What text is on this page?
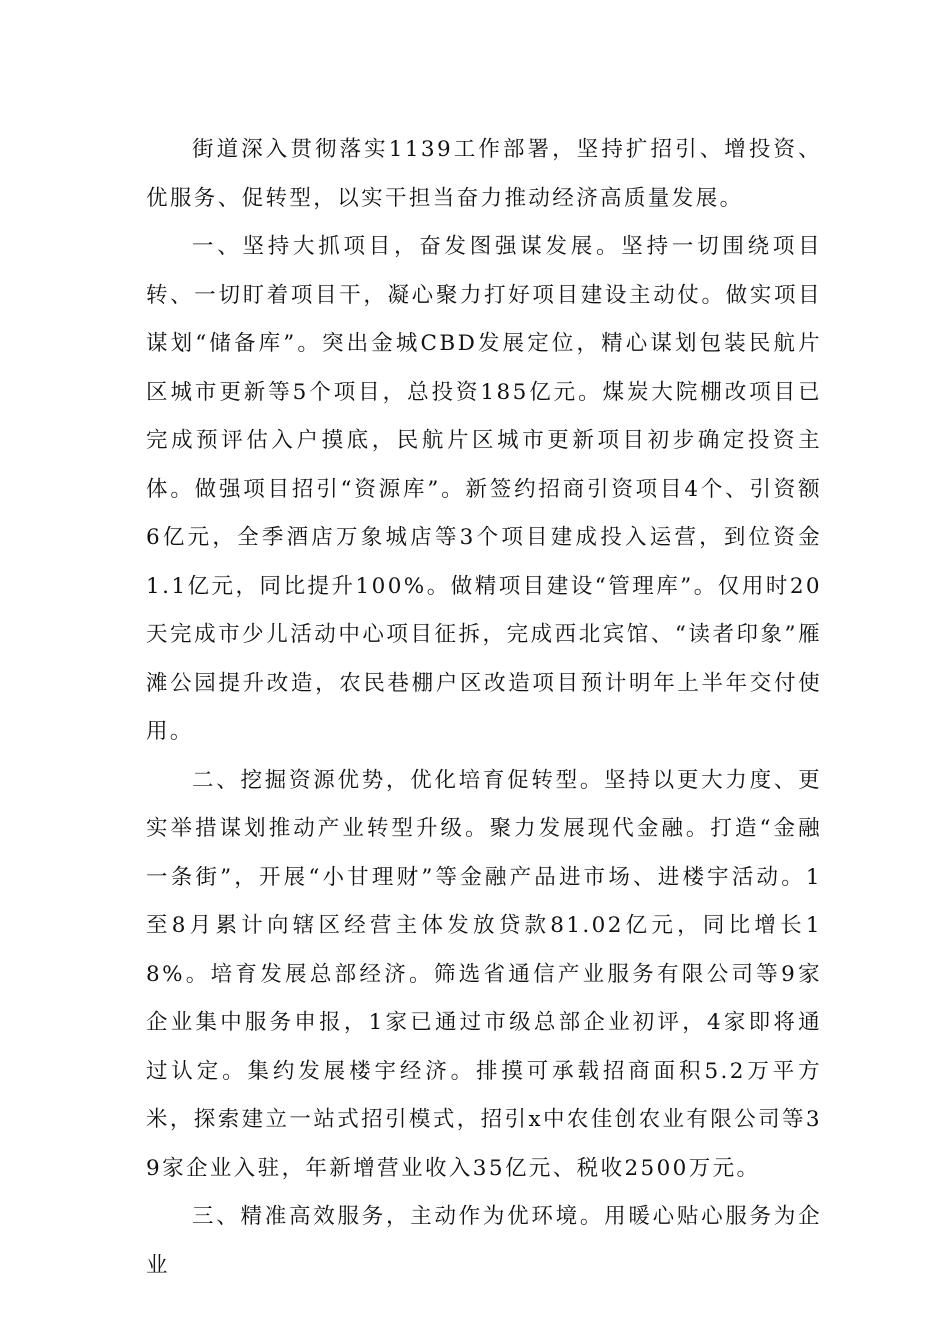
街道深入贯彻落实1139工作部署，坚持扩招引、增投资、优服务、促转型，以实干担当奋力推动经济高质量发展。

一、坚持大抓项目，奋发图强谋发展。坚持一切围绕项目转、一切盯着项目干，凝心聚力打好项目建设主动仗。做实项目谋划“储备库”。突出金城CBD发展定位，精心谋划包装民航片区城市更新等5个项目，总投资185亿元。煤炭大院棚改项目已完成预评估入户摸底，民航片区城市更新项目初步确定投资主体。做强项目招引“资源库”。新签约招商引资项目4个、引资额6亿元，全季酒店万象城店等3个项目建成投入运营，到位资金1.1亿元，同比提升100%。做精项目建设“管理库”。仅用时20天完成市少儿活动中心项目征拆，完成西北宾馆、“读者印象”雁滩公园提升改造，农民巷棚户区改造项目预计明年上半年交付使用。

二、挖掘资源优势，优化培育促转型。坚持以更大力度、更实举措谋划推动产业转型升级。聚力发展现代金融。打造“金融一条街”，开展“小甘理财”等金融产品进市场、进楼宇活动。1至8月累计向辖区经营主体发放贷款81.02亿元，同比增长18%。培育发展总部经济。筛选省通信产业服务有限公司等9家企业集中服务申报，1家已通过市级总部企业初评，4家即将通过认定。集约发展楼宇经济。排摸可承载招商面积5.2万平方米，探索建立一站式招引模式，招引x中农佳创农业有限公司等39家企业入驻，年新增营业收入35亿元、税收2500万元。

三、精准高效服务，主动作为优环境。用暖心贴心服务为企业
